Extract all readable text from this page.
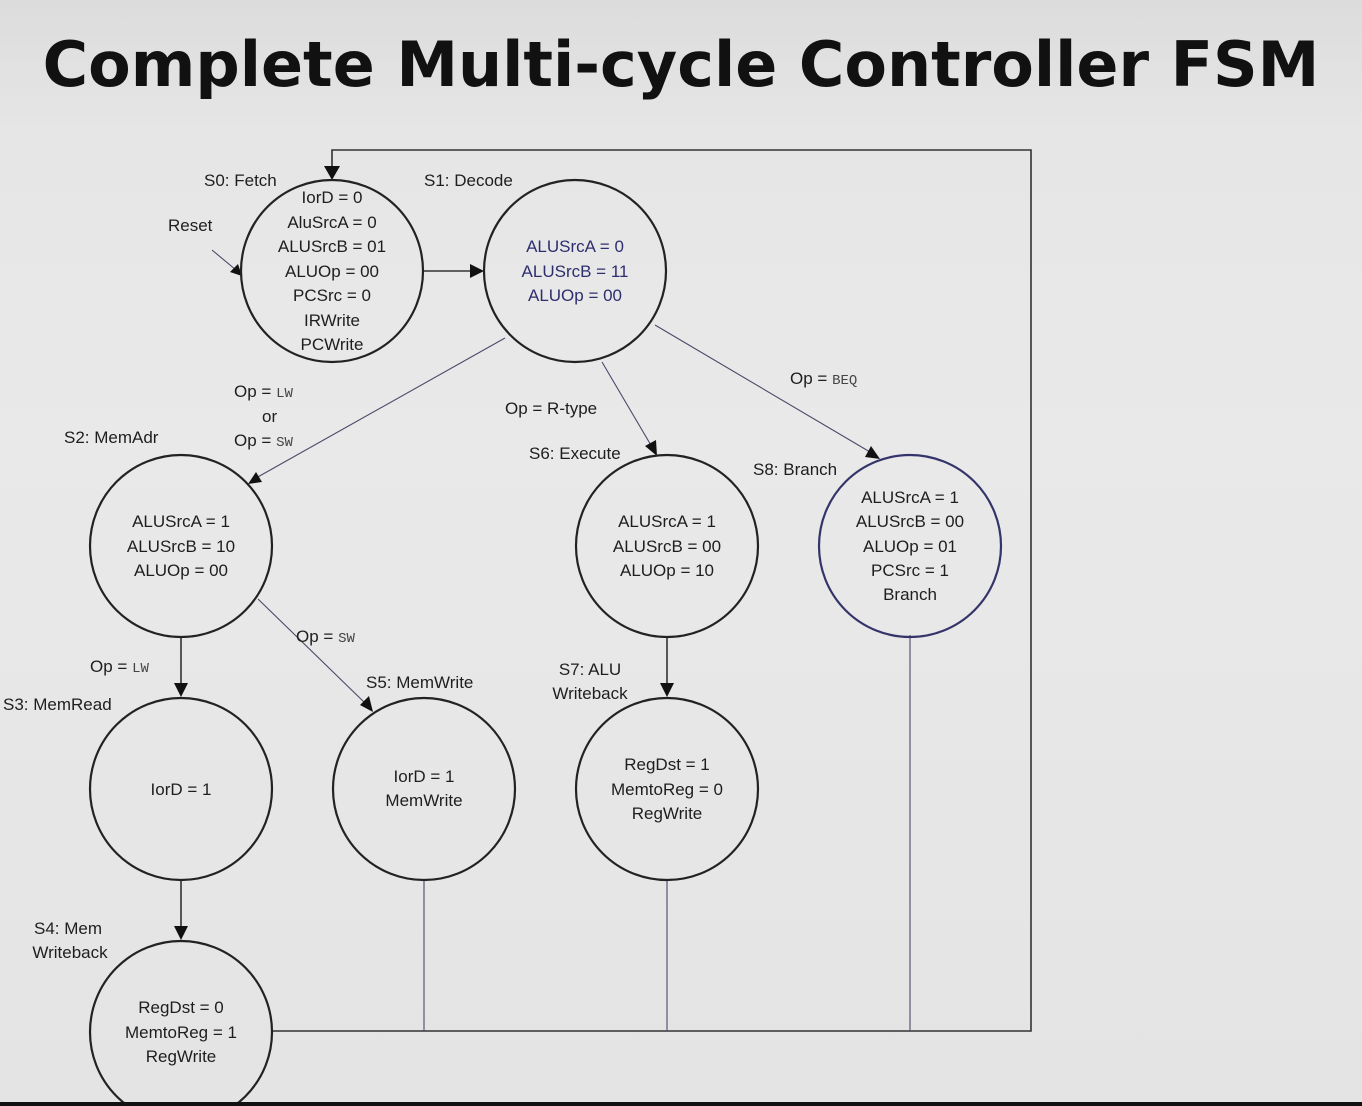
Complete Multi-cycle Controller FSM
S0: Fetch	S1: Decode
S2: MemAdr
S3: MemRead
S4: Mem
Writeback
S5: MemWrite
S6: Execute
S7: ALU
Writeback
S8: Branch
Reset
IorD = 0
AluSrcA = 0
ALUSrcB = 01
ALUOp = 00
PCSrc = 0
IRWrite
PCWrite
ALUSrcA = 0
ALUSrcB = 11
ALUOp = 00
ALUSrcA = 1
ALUSrcB = 10
ALUOp = 00
IorD = 1
RegDst = 0
MemtoReg = 1
RegWrite
IorD = 1
MemWrite
ALUSrcA = 1
ALUSrcB = 00
ALUOp = 10
RegDst = 1
MemtoReg = 0
RegWrite
ALUSrcA = 1
ALUSrcB = 00
ALUOp = 01
PCSrc = 1
Branch
Op = LW
or
Op = SW
Op = R-type
Op = BEQ
Op = LW
Op = SW
